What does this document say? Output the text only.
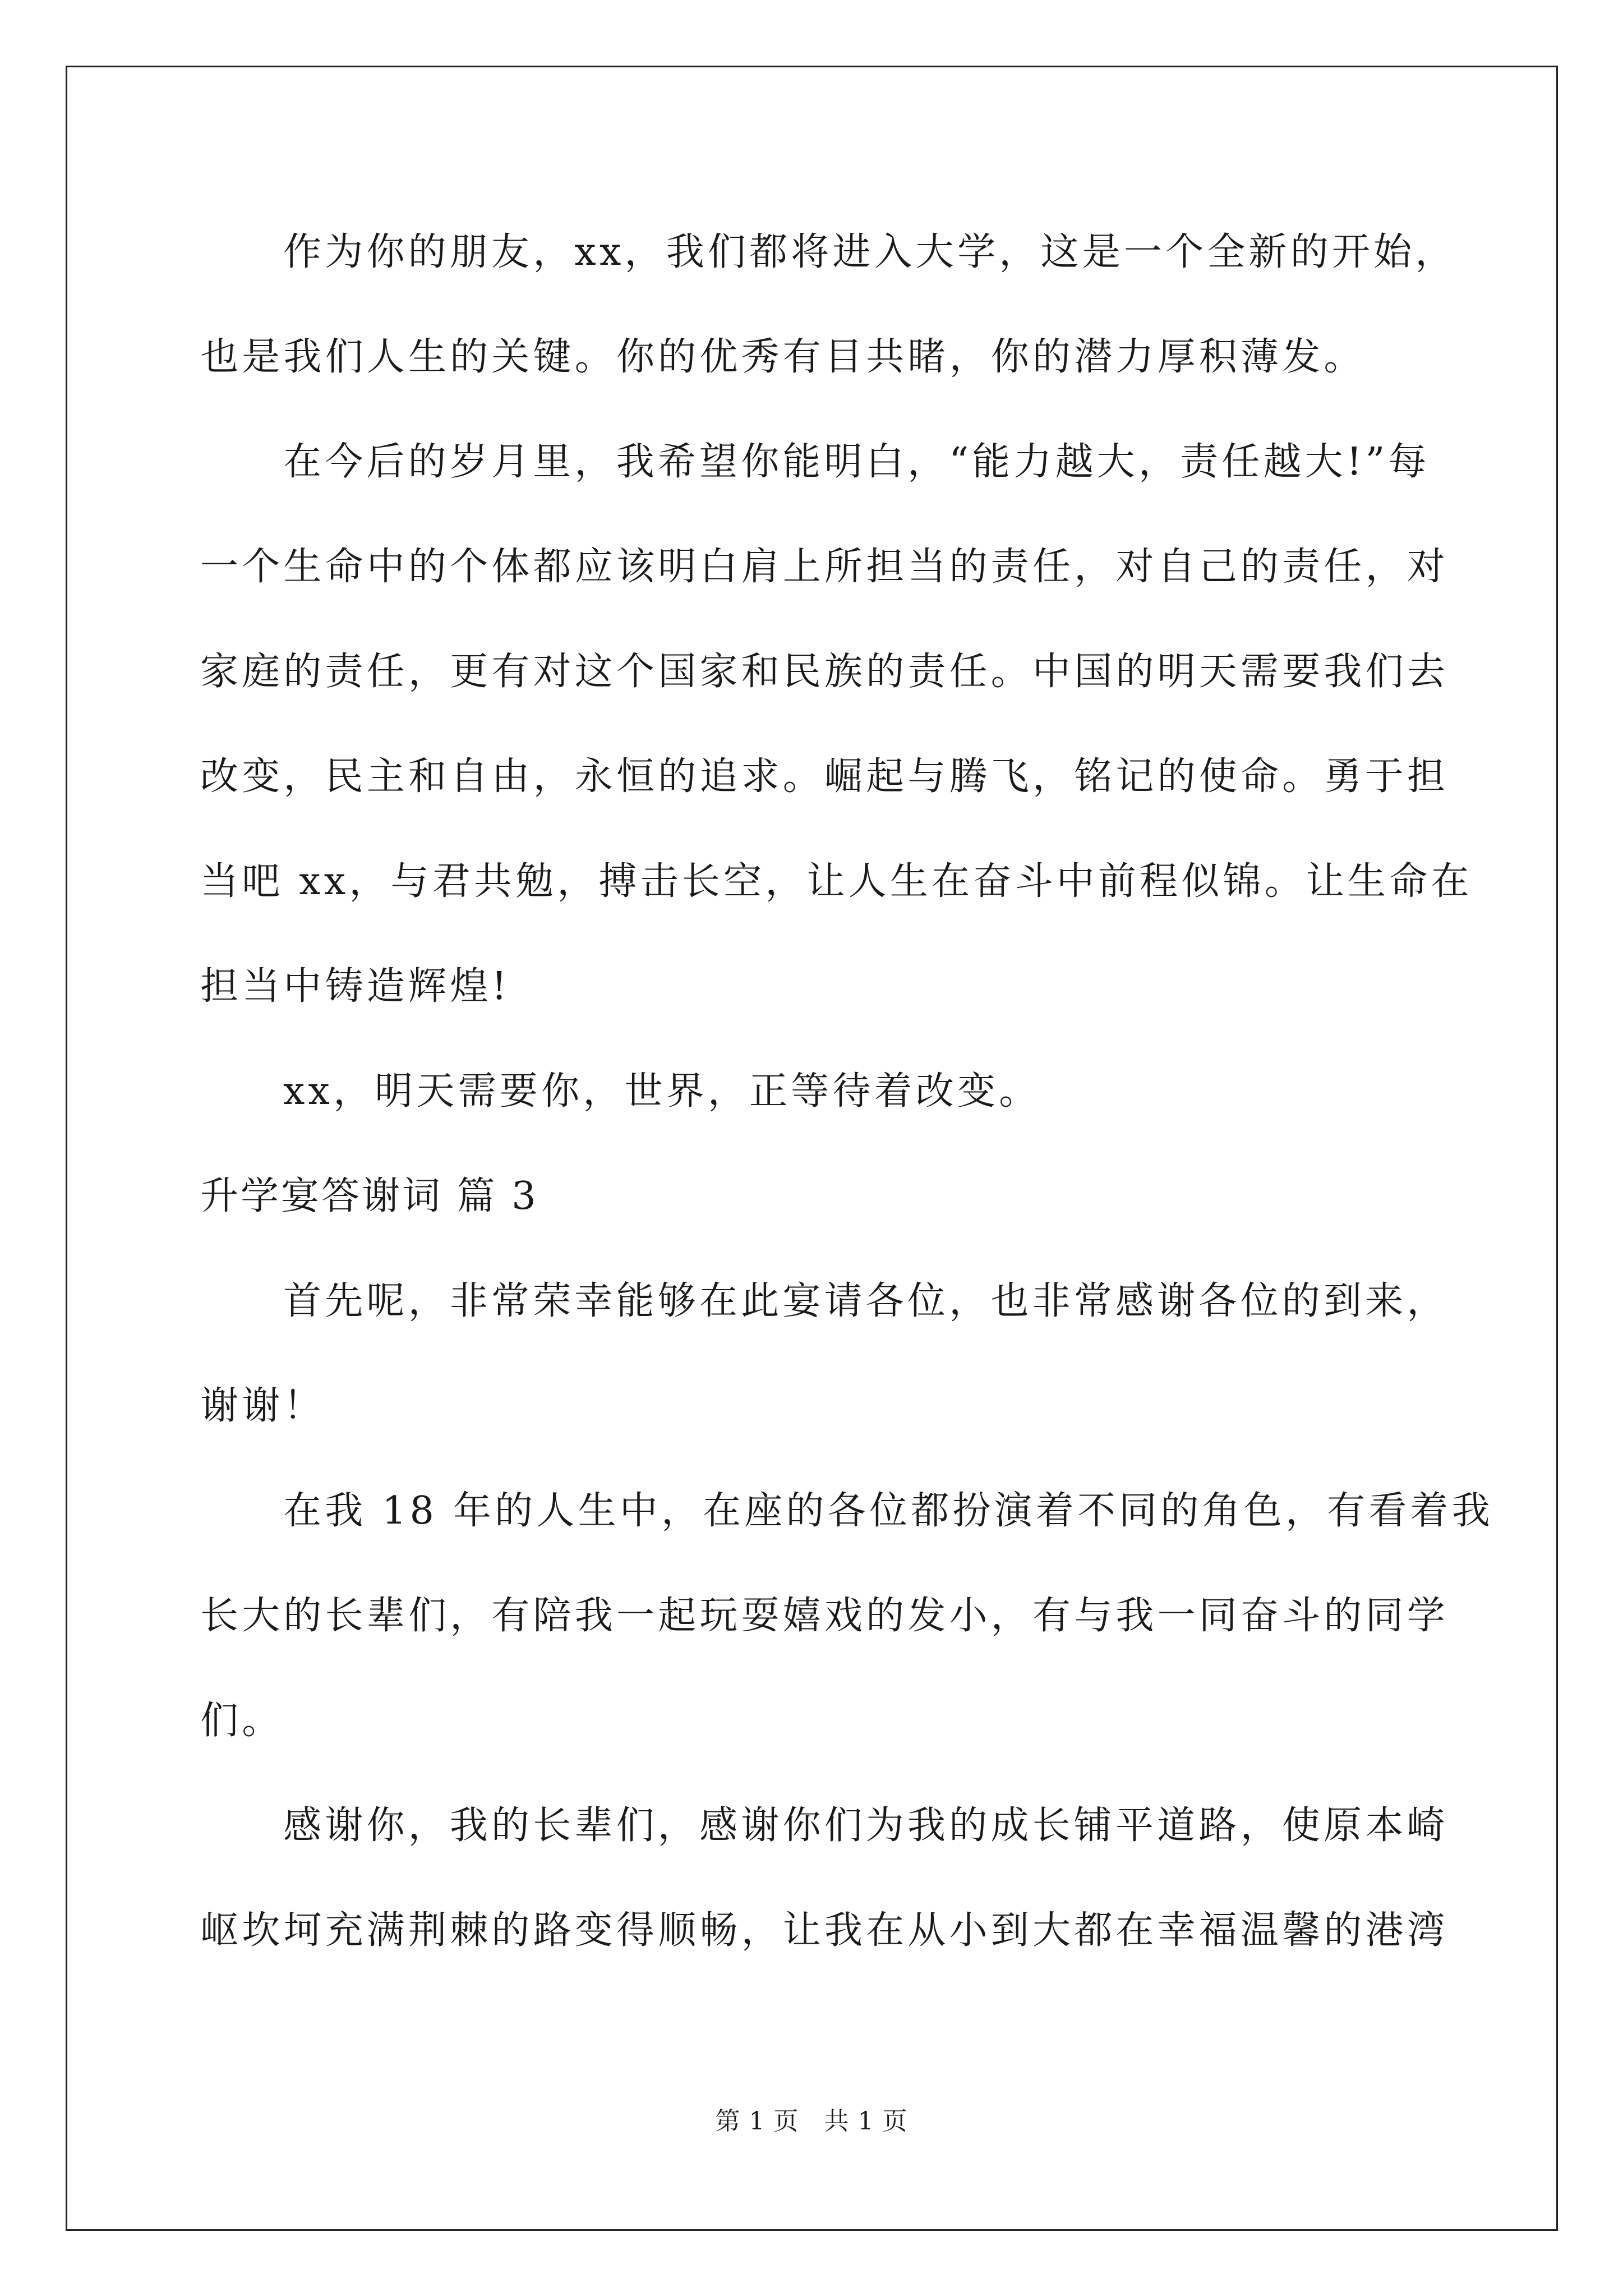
作为你的朋友，xx，我们都将进入大学，这是一个全新的开始，
也是我们人生的关键。你的优秀有目共睹，你的潜力厚积薄发。
在今后的岁月里，我希望你能明白，“能力越大，责任越大!”每
一个生命中的个体都应该明白肩上所担当的责任，对自己的责任，对
家庭的责任，更有对这个国家和民族的责任。中国的明天需要我们去
改变，民主和自由，永恒的追求。崛起与腾飞，铭记的使命。勇于担
当吧 xx，与君共勉，搏击长空，让人生在奋斗中前程似锦。让生命在
担当中铸造辉煌!
xx，明天需要你，世界，正等待着改变。
升学宴答谢词 篇 3
首先呢，非常荣幸能够在此宴请各位，也非常感谢各位的到来，
谢谢！
在我 18 年的人生中，在座的各位都扮演着不同的角色，有看着我
长大的长辈们，有陪我一起玩耍嬉戏的发小，有与我一同奋斗的同学
们。
感谢你，我的长辈们，感谢你们为我的成长铺平道路，使原本崎
岖坎坷充满荆棘的路变得顺畅，让我在从小到大都在幸福温馨的港湾
第 1 页　共 1 页
